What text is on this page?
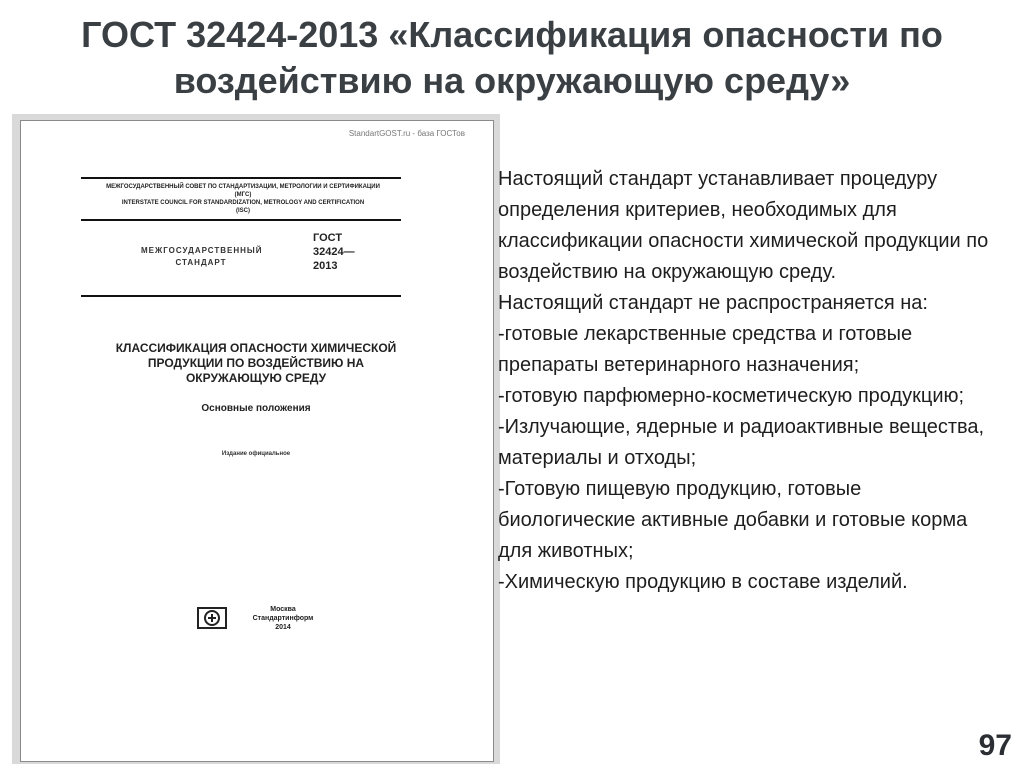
ГОСТ 32424-2013 «Классификация опасности по воздействию на окружающую среду»
StandartGOST.ru - база ГОСТов
МЕЖГОСУДАРСТВЕННЫЙ СОВЕТ ПО СТАНДАРТИЗАЦИИ, МЕТРОЛОГИИ И СЕРТИФИКАЦИИ
(МГС)
INTERSTATE COUNCIL FOR STANDARDIZATION, METROLOGY AND CERTIFICATION
(ISC)
МЕЖГОСУДАРСТВЕННЫЙ
СТАНДАРТ
ГОСТ
32424—
2013
КЛАССИФИКАЦИЯ ОПАСНОСТИ ХИМИЧЕСКОЙ
ПРОДУКЦИИ ПО ВОЗДЕЙСТВИЮ НА
ОКРУЖАЮЩУЮ СРЕДУ
Основные положения
Издание официальное
Москва
Стандартинформ
2014

Настоящий стандарт устанавливает процедуру определения критериев, необходимых для классификации опасности химической продукции по воздействию на окружающую среду.

Настоящий стандарт не распространяется на:

-готовые лекарственные средства и готовые препараты ветеринарного назначения;

-готовую парфюмерно-косметическую продукцию;

-Излучающие, ядерные и радиоактивные вещества, материалы и отходы;

-Готовую пищевую продукцию, готовые биологические активные добавки и готовые корма для животных;

-Химическую продукцию в составе изделий.

97
